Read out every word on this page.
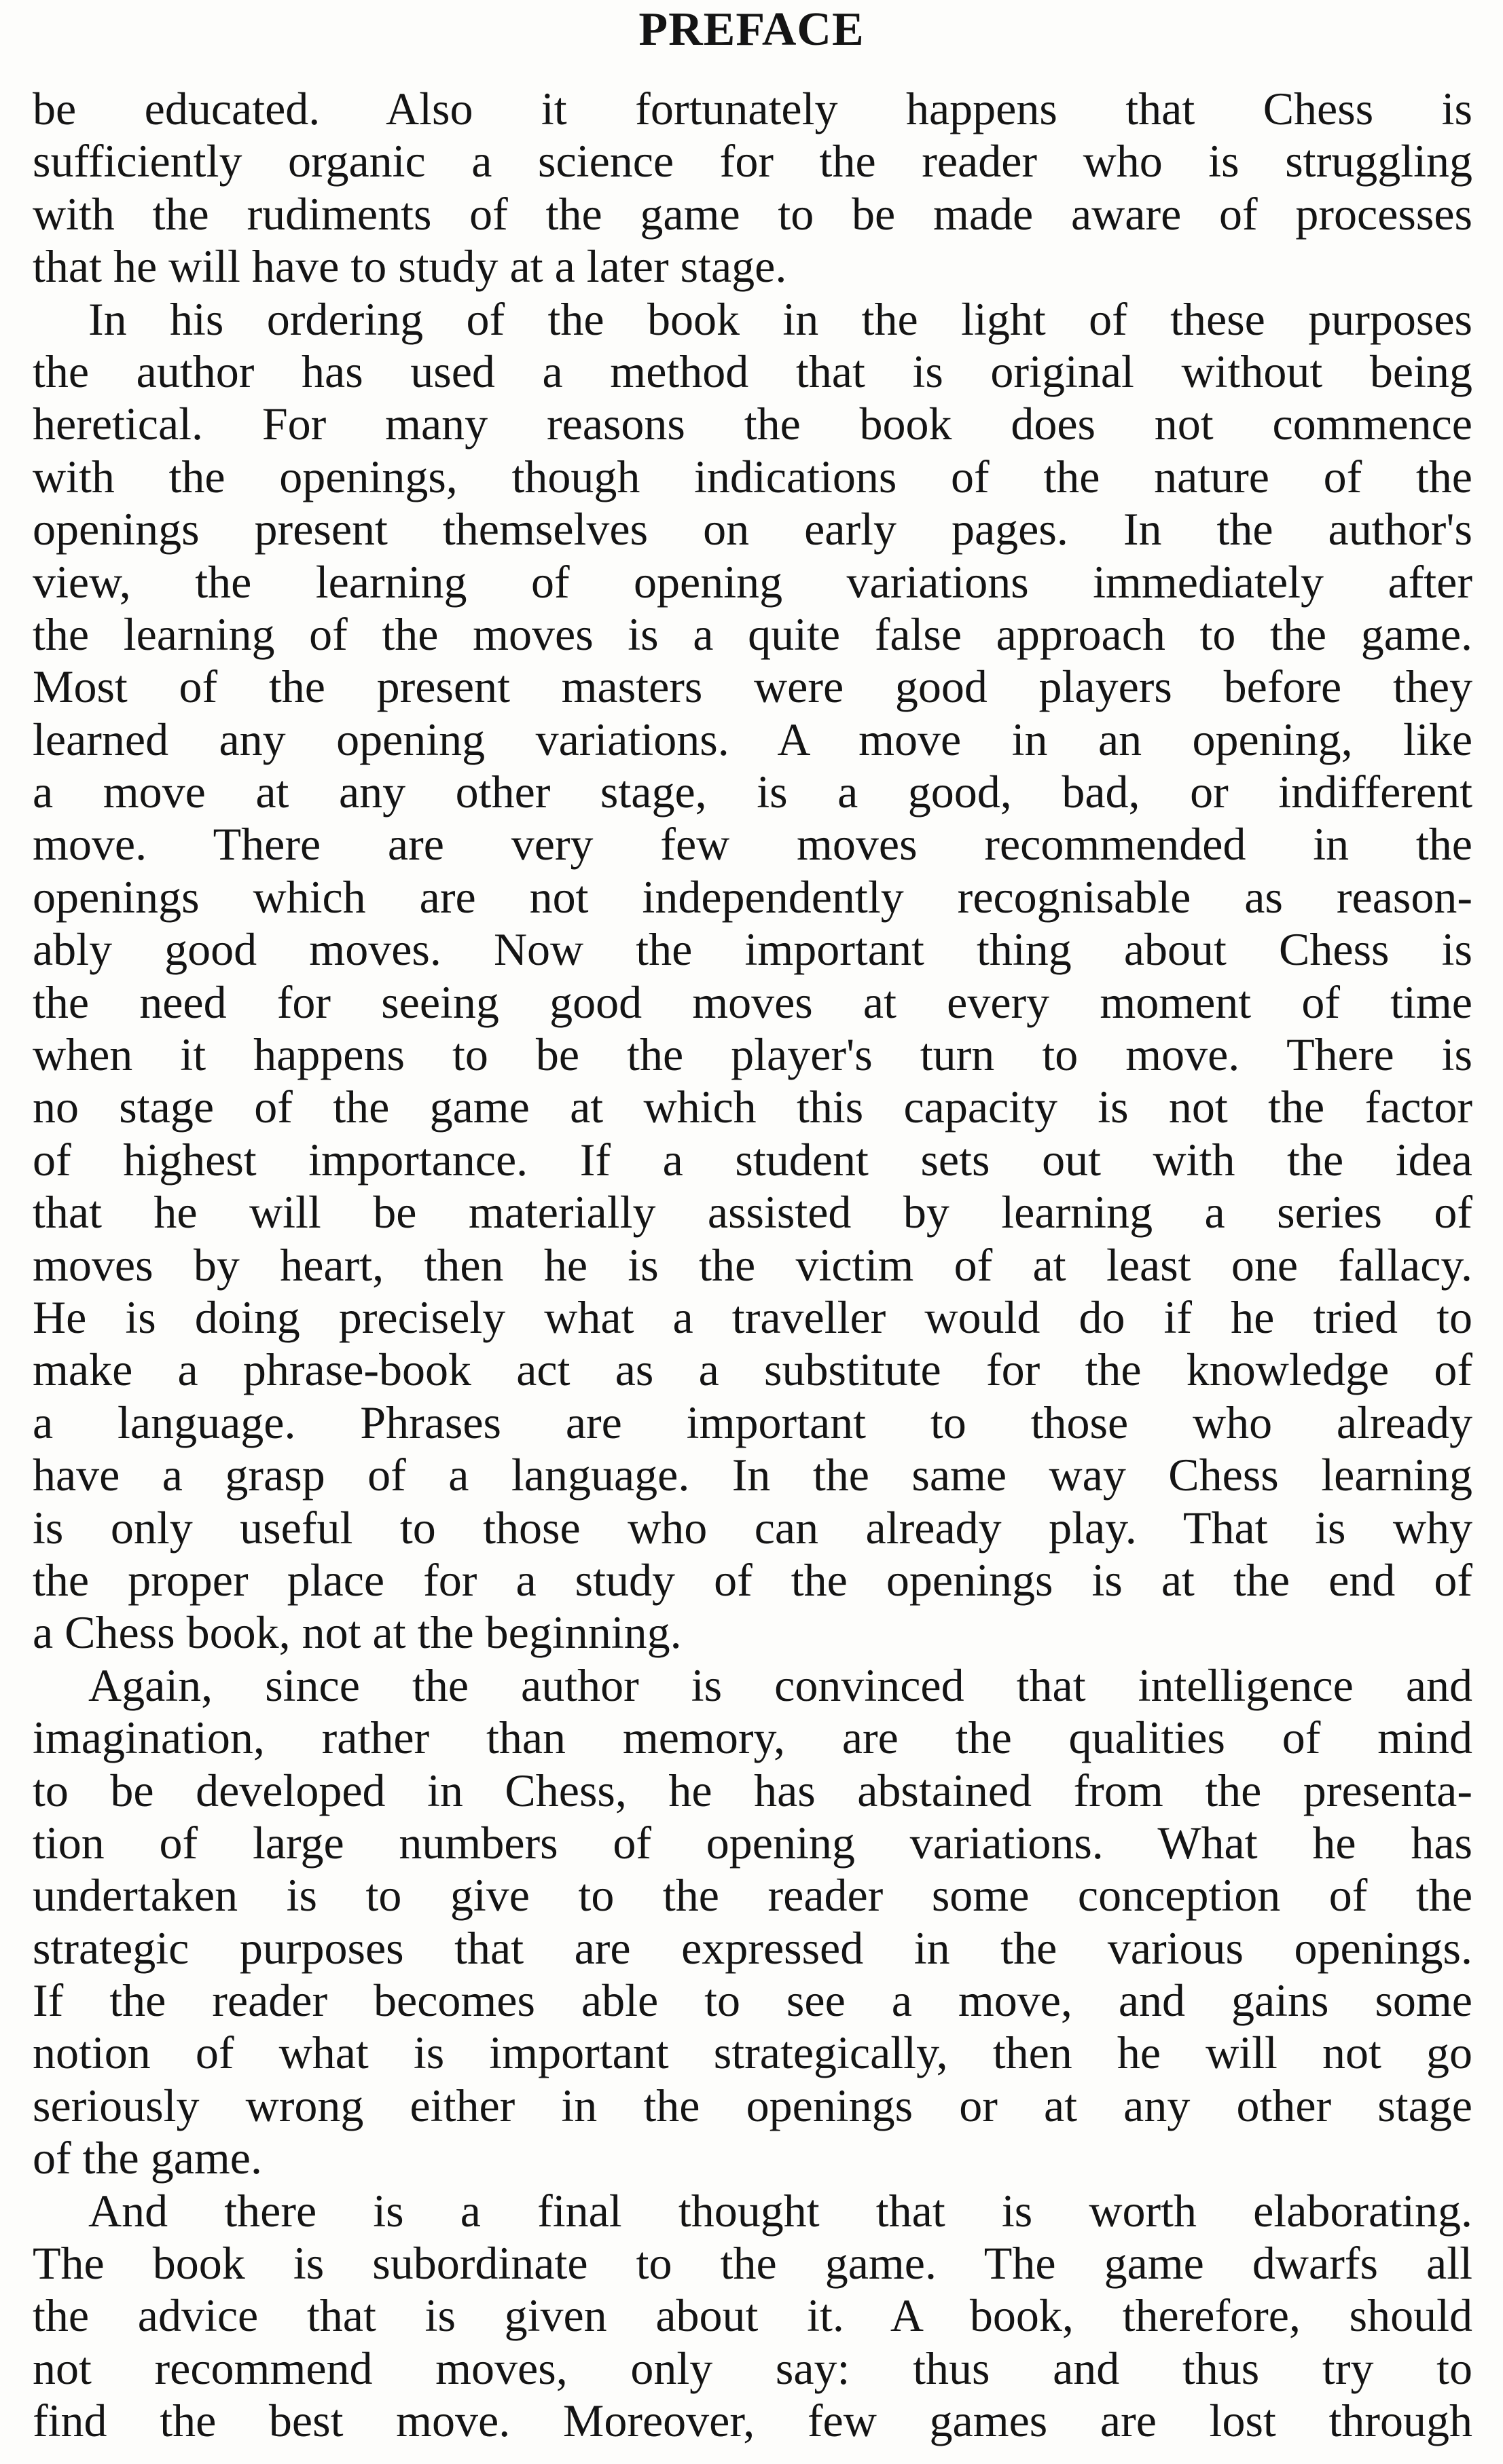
PREFACE
be educated. Also it fortunately happens that Chess is
sufficiently organic a science for the reader who is struggling
with the rudiments of the game to be made aware of processes
that he will have to study at a later stage.
In his ordering of the book in the light of these purposes
the author has used a method that is original without being
heretical. For many reasons the book does not commence
with the openings, though indications of the nature of the
openings present themselves on early pages. In the author's
view, the learning of opening variations immediately after
the learning of the moves is a quite false approach to the game.
Most of the present masters were good players before they
learned any opening variations. A move in an opening, like
a move at any other stage, is a good, bad, or indifferent
move. There are very few moves recommended in the
openings which are not independently recognisable as reason-
ably good moves. Now the important thing about Chess is
the need for seeing good moves at every moment of time
when it happens to be the player's turn to move. There is
no stage of the game at which this capacity is not the factor
of highest importance. If a student sets out with the idea
that he will be materially assisted by learning a series of
moves by heart, then he is the victim of at least one fallacy.
He is doing precisely what a traveller would do if he tried to
make a phrase-book act as a substitute for the knowledge of
a language. Phrases are important to those who already
have a grasp of a language. In the same way Chess learning
is only useful to those who can already play. That is why
the proper place for a study of the openings is at the end of
a Chess book, not at the beginning.
Again, since the author is convinced that intelligence and
imagination, rather than memory, are the qualities of mind
to be developed in Chess, he has abstained from the presenta-
tion of large numbers of opening variations. What he has
undertaken is to give to the reader some conception of the
strategic purposes that are expressed in the various openings.
If the reader becomes able to see a move, and gains some
notion of what is important strategically, then he will not go
seriously wrong either in the openings or at any other stage
of the game.
And there is a final thought that is worth elaborating.
The book is subordinate to the game. The game dwarfs all
the advice that is given about it. A book, therefore, should
not recommend moves, only say: thus and thus try to
find the best move. Moreover, few games are lost through
